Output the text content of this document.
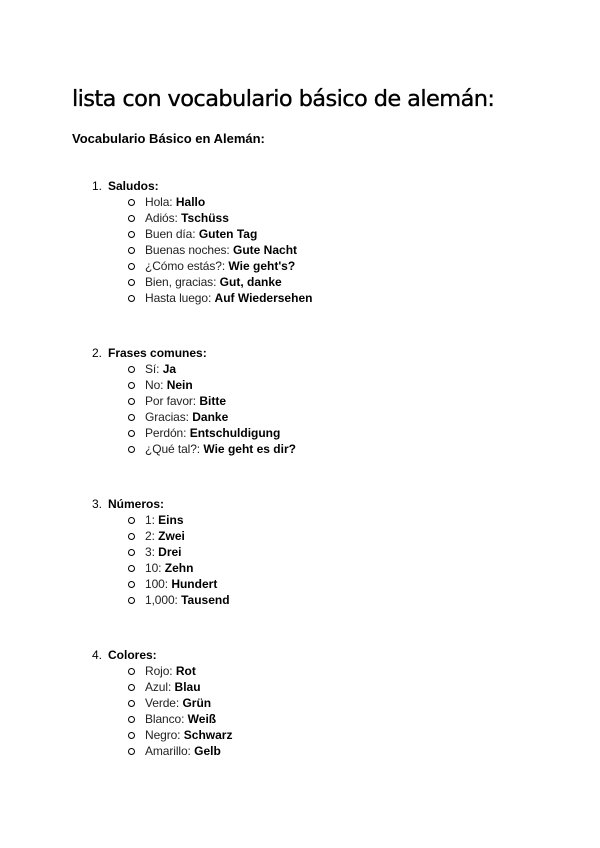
lista con vocabulario básico de alemán:
Vocabulario Básico en Alemán:
1. Saludos:
Hola: Hallo
Adiós: Tschüss
Buen día: Guten Tag
Buenas noches: Gute Nacht
¿Cómo estás?: Wie geht's?
Bien, gracias: Gut, danke
Hasta luego: Auf Wiedersehen
2. Frases comunes:
Sí: Ja
No: Nein
Por favor: Bitte
Gracias: Danke
Perdón: Entschuldigung
¿Qué tal?: Wie geht es dir?
3. Números:
1: Eins
2: Zwei
3: Drei
10: Zehn
100: Hundert
1,000: Tausend
4. Colores:
Rojo: Rot
Azul: Blau
Verde: Grün
Blanco: Weiß
Negro: Schwarz
Amarillo: Gelb
